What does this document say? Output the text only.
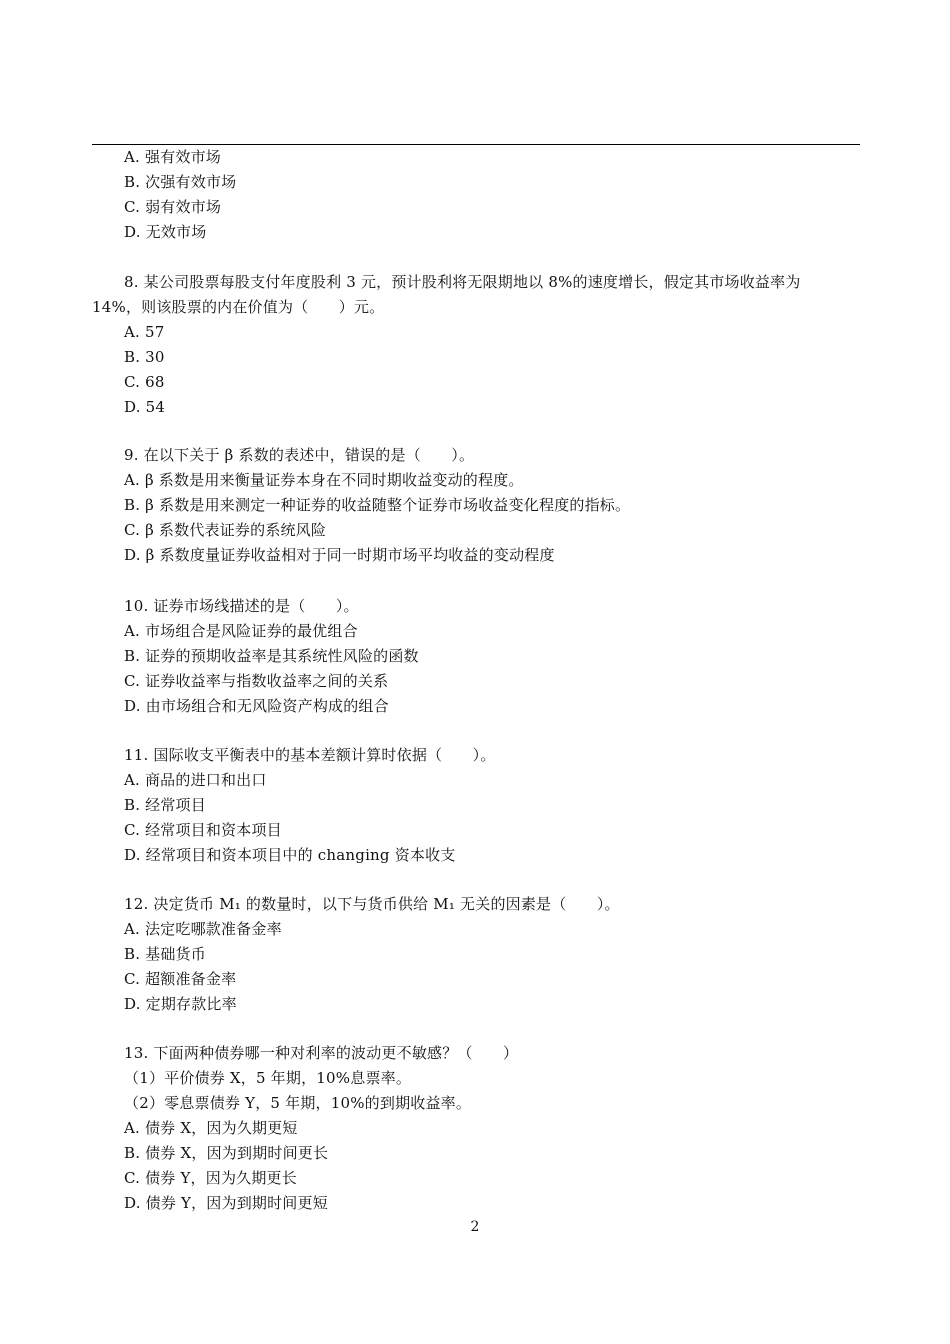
A. 强有效市场
B. 次强有效市场
C. 弱有效市场
D. 无效市场
8. 某公司股票每股支付年度股利 3 元，预计股利将无限期地以 8%的速度增长，假定其市场收益率为
14%，则该股票的内在价值为（　　）元。
A. 57
B. 30
C. 68
D. 54
9. 在以下关于 β 系数的表述中，错误的是（　　）。
A. β 系数是用来衡量证券本身在不同时期收益变动的程度。
B. β 系数是用来测定一种证券的收益随整个证券市场收益变化程度的指标。
C. β 系数代表证券的系统风险
D. β 系数度量证券收益相对于同一时期市场平均收益的变动程度
10. 证券市场线描述的是（　　）。
A. 市场组合是风险证券的最优组合
B. 证券的预期收益率是其系统性风险的函数
C. 证券收益率与指数收益率之间的关系
D. 由市场组合和无风险资产构成的组合
11. 国际收支平衡表中的基本差额计算时依据（　　）。
A. 商品的进口和出口
B. 经常项目
C. 经常项目和资本项目
D. 经常项目和资本项目中的 changing 资本收支
12. 决定货币 M₁ 的数量时，以下与货币供给 M₁ 无关的因素是（　　）。
A. 法定吃哪款准备金率
B. 基础货币
C. 超额准备金率
D. 定期存款比率
13. 下面两种债券哪一种对利率的波动更不敏感？（　　）
（1）平价债券 X，5 年期，10%息票率。
（2）零息票债券 Y，5 年期，10%的到期收益率。
A. 债券 X，因为久期更短
B. 债券 X，因为到期时间更长
C. 债券 Y，因为久期更长
D. 债券 Y，因为到期时间更短
2
